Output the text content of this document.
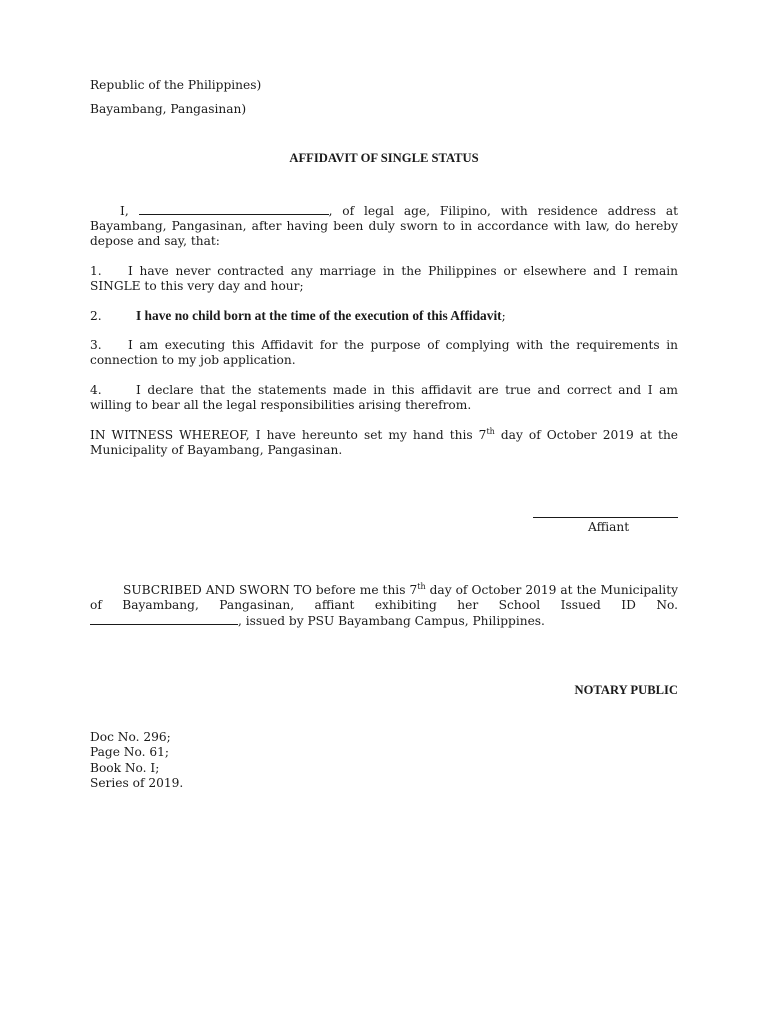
Republic of the Philippines)
Bayambang, Pangasinan)
AFFIDAVIT OF SINGLE STATUS
I,	, of legal age, Filipino, with residence address at Bayambang, Pangasinan, after having been duly sworn to in accordance with law, do hereby depose and say, that:
1. I have never contracted any marriage in the Philippines or elsewhere and I remain SINGLE to this very day and hour;
2.	I have no child born at the time of the execution of this Affidavit;
3. I am executing this Affidavit for the purpose of complying with the requirements in connection to my job application.
4.	I declare that the statements made in this affidavit are true and correct and I am willing to bear all the legal responsibilities arising therefrom.
IN WITNESS WHEREOF, I have hereunto set my hand this 7th day of October 2019 at the Municipality of Bayambang, Pangasinan.
Affiant
SUBCRIBED AND SWORN TO before me this 7th day of October 2019 at the Municipality of Bayambang, Pangasinan, affiant exhibiting her School Issued ID No. , issued by PSU Bayambang Campus, Philippines.
NOTARY PUBLIC
Doc No. 296;
Page No. 61;
Book No. I;
Series of 2019.
